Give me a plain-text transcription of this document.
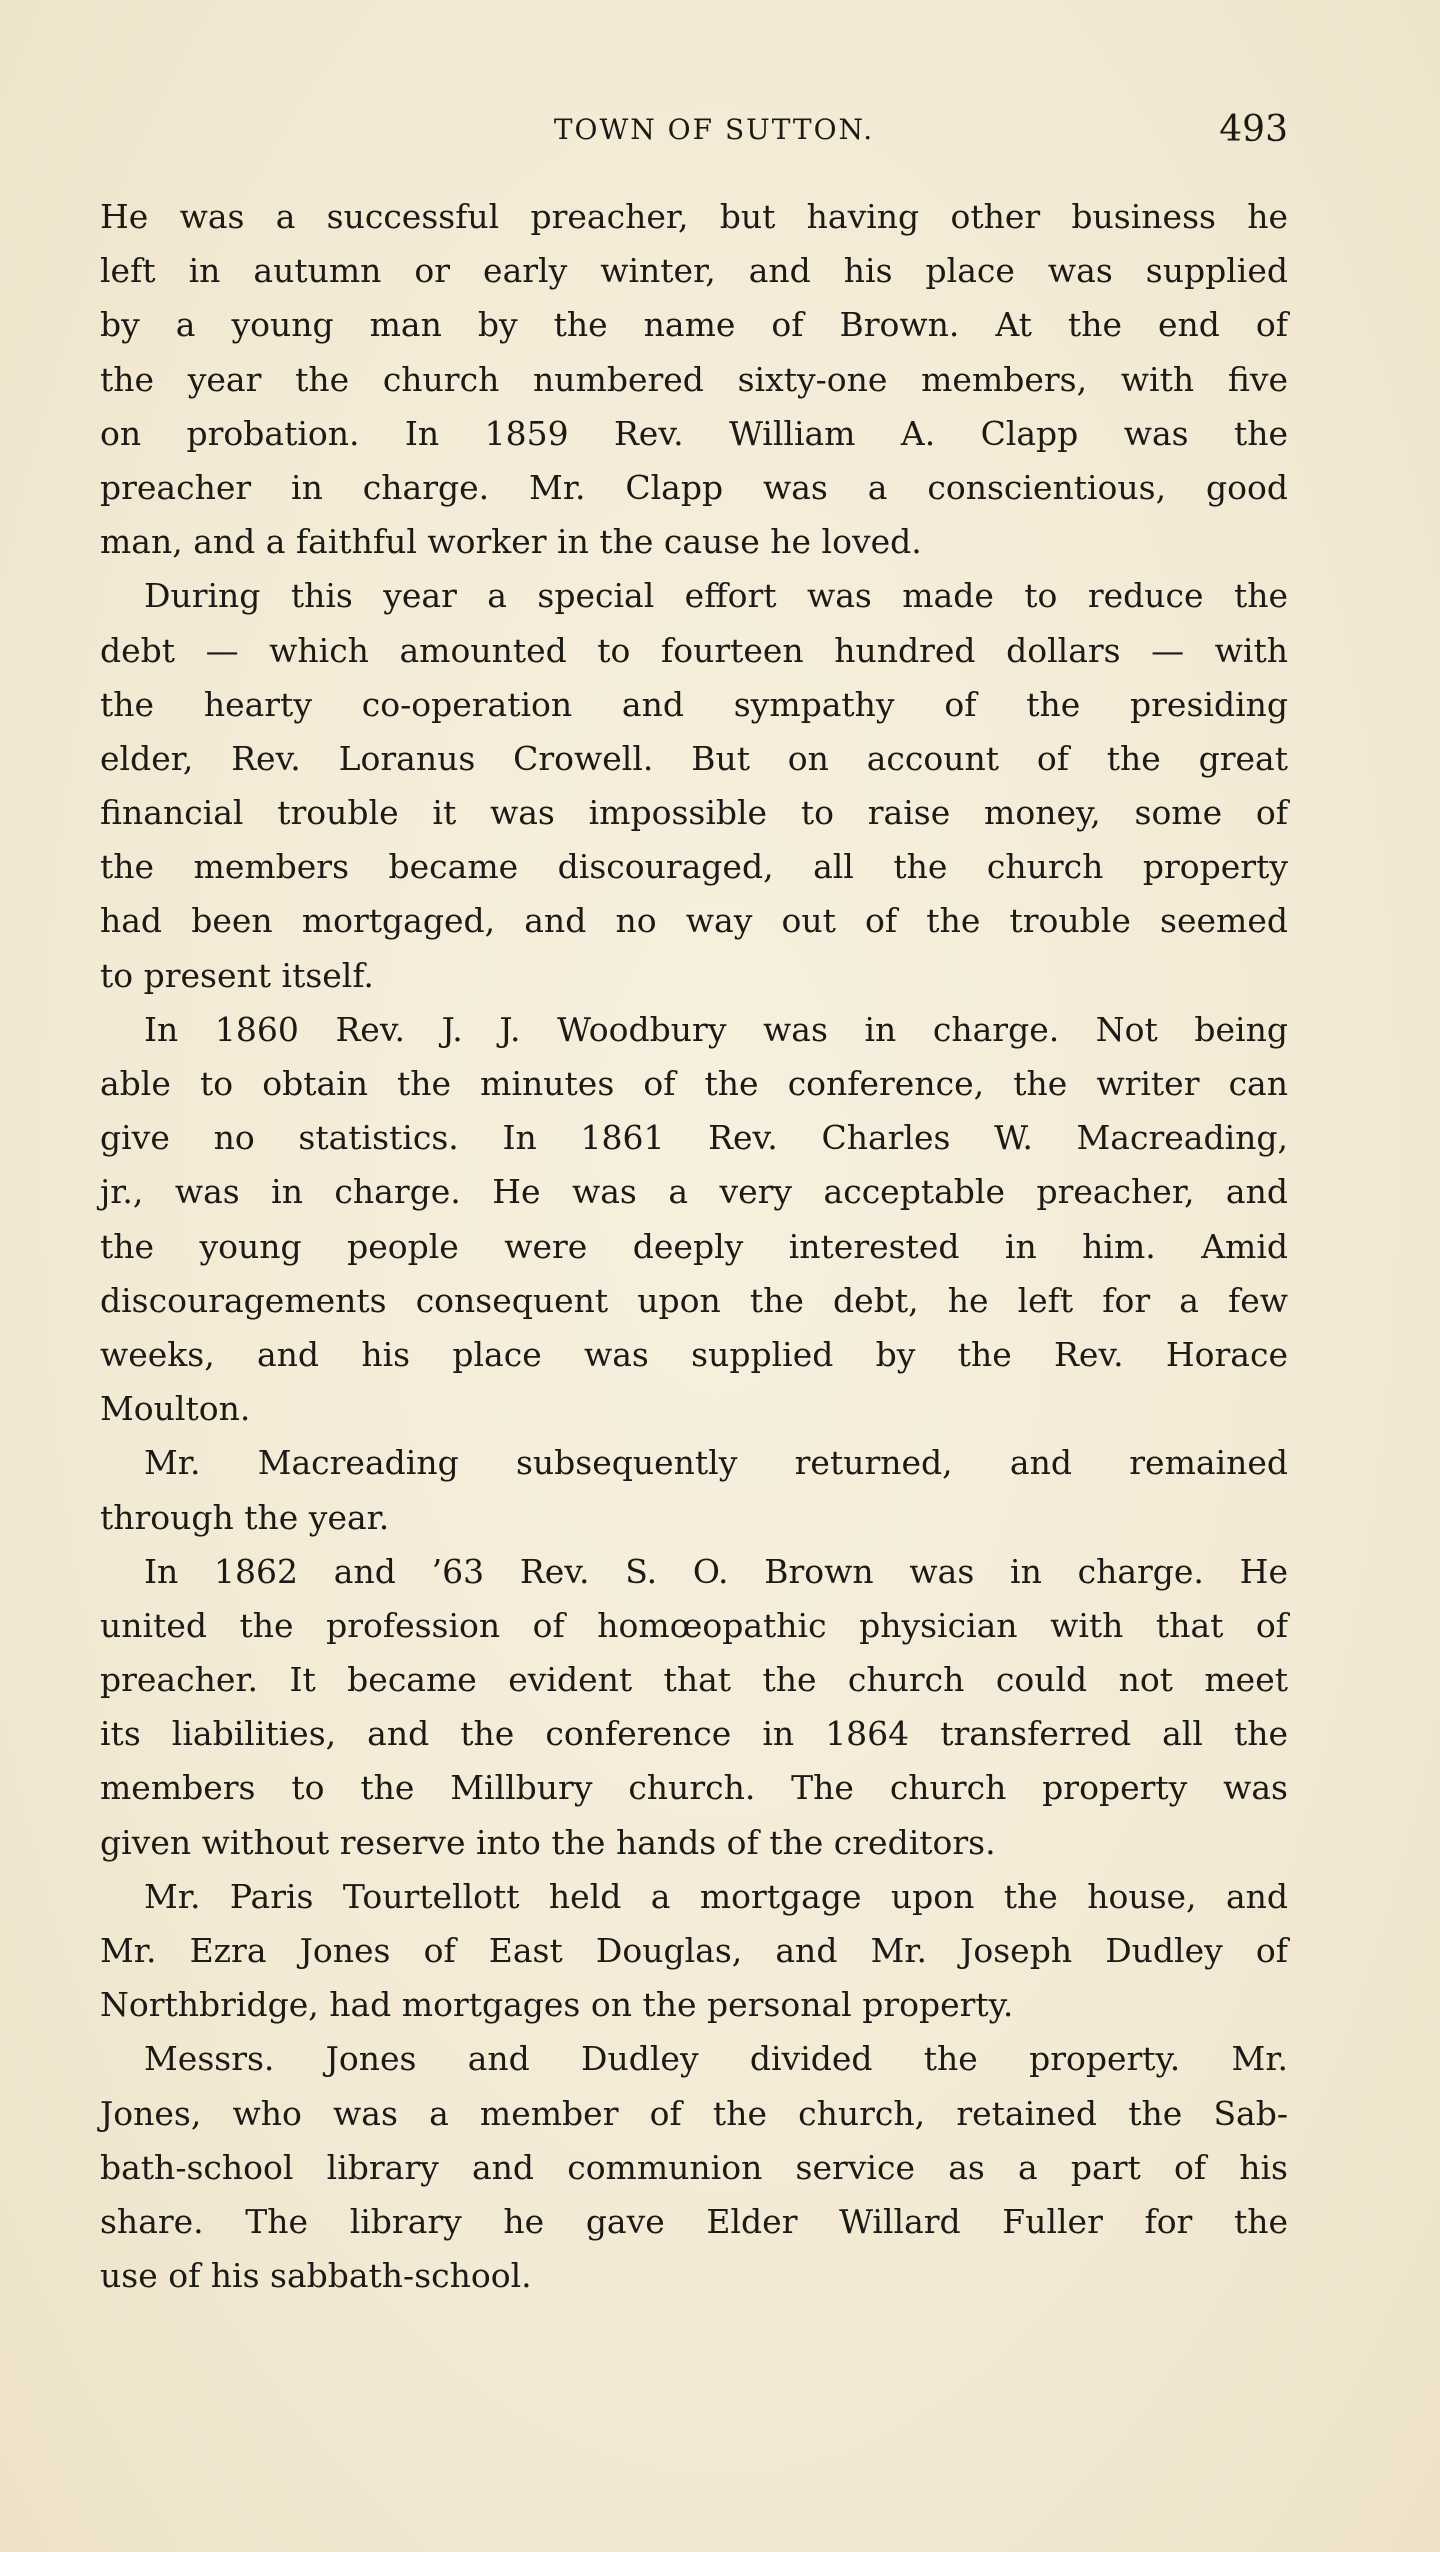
TOWN OF SUTTON.	493
He was a successful preacher, but having other business he
left in autumn or early winter, and his place was supplied
by a young man by the name of Brown. At the end of
the year the church numbered sixty-one members, with five
on probation. In 1859 Rev. William A. Clapp was the
preacher in charge. Mr. Clapp was a conscientious, good
man, and a faithful worker in the cause he loved.
During this year a special effort was made to reduce the
debt — which amounted to fourteen hundred dollars — with
the hearty co-operation and sympathy of the presiding
elder, Rev. Loranus Crowell. But on account of the great
financial trouble it was impossible to raise money, some of
the members became discouraged, all the church property
had been mortgaged, and no way out of the trouble seemed
to present itself.
In 1860 Rev. J. J. Woodbury was in charge. Not being
able to obtain the minutes of the conference, the writer can
give no statistics. In 1861 Rev. Charles W. Macreading,
jr., was in charge. He was a very acceptable preacher, and
the young people were deeply interested in him. Amid
discouragements consequent upon the debt, he left for a few
weeks, and his place was supplied by the Rev. Horace
Moulton.
Mr. Macreading subsequently returned, and remained
through the year.
In 1862 and ’63 Rev. S. O. Brown was in charge. He
united the profession of homœopathic physician with that of
preacher. It became evident that the church could not meet
its liabilities, and the conference in 1864 transferred all the
members to the Millbury church. The church property was
given without reserve into the hands of the creditors.
Mr. Paris Tourtellott held a mortgage upon the house, and
Mr. Ezra Jones of East Douglas, and Mr. Joseph Dudley of
Northbridge, had mortgages on the personal property.
Messrs. Jones and Dudley divided the property. Mr.
Jones, who was a member of the church, retained the Sab-
bath-school library and communion service as a part of his
share. The library he gave Elder Willard Fuller for the
use of his sabbath-school.
